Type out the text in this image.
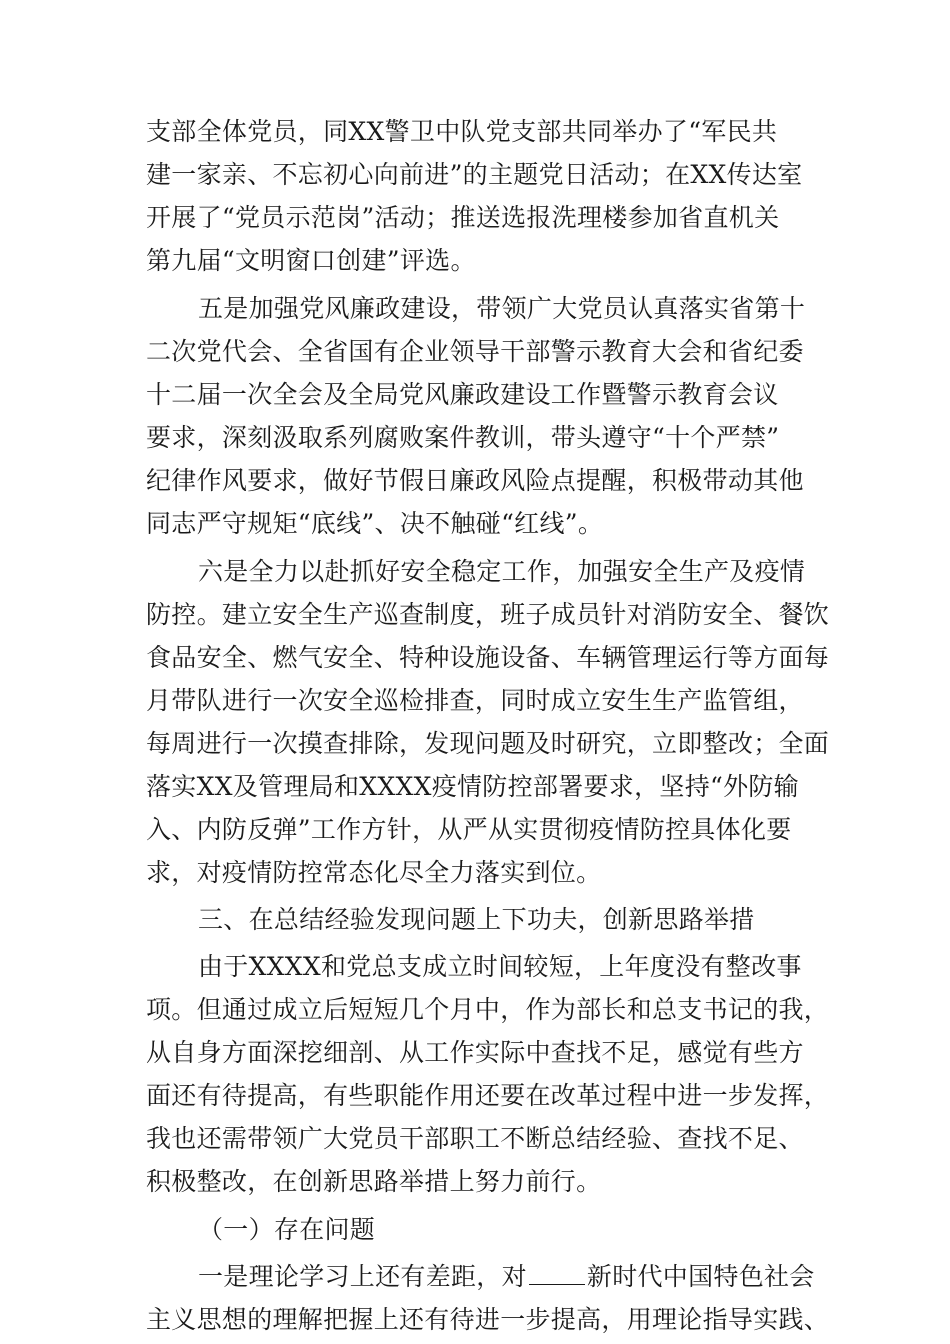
支部全体党员，同XX警卫中队党支部共同举办了“军民共
建一家亲、不忘初心向前进”的主题党日活动；在XX传达室
开展了“党员示范岗”活动；推送选报洗理楼参加省直机关
第九届“文明窗口创建”评选。
五是加强党风廉政建设，带领广大党员认真落实省第十
二次党代会、全省国有企业领导干部警示教育大会和省纪委
十二届一次全会及全局党风廉政建设工作暨警示教育会议
要求，深刻汲取系列腐败案件教训，带头遵守“十个严禁”
纪律作风要求，做好节假日廉政风险点提醒，积极带动其他
同志严守规矩“底线”、决不触碰“红线”。
六是全力以赴抓好安全稳定工作，加强安全生产及疫情
防控。建立安全生产巡查制度，班子成员针对消防安全、餐饮
食品安全、燃气安全、特种设施设备、车辆管理运行等方面每
月带队进行一次安全巡检排查，同时成立安生生产监管组，
每周进行一次摸查排除，发现问题及时研究，立即整改；全面
落实XX及管理局和XXXX疫情防控部署要求，坚持“外防输
入、内防反弹”工作方针，从严从实贯彻疫情防控具体化要
求，对疫情防控常态化尽全力落实到位。
三、在总结经验发现问题上下功夫，创新思路举措
由于XXXX和党总支成立时间较短，上年度没有整改事
项。但通过成立后短短几个月中，作为部长和总支书记的我，
从自身方面深挖细剖、从工作实际中查找不足，感觉有些方
面还有待提高，有些职能作用还要在改革过程中进一步发挥，
我也还需带领广大党员干部职工不断总结经验、查找不足、
积极整改，在创新思路举措上努力前行。
（一）存在问题
一是理论学习上还有差距，对 新时代中国特色社会
主义思想的理解把握上还有待进一步提高，用理论指导实践、
